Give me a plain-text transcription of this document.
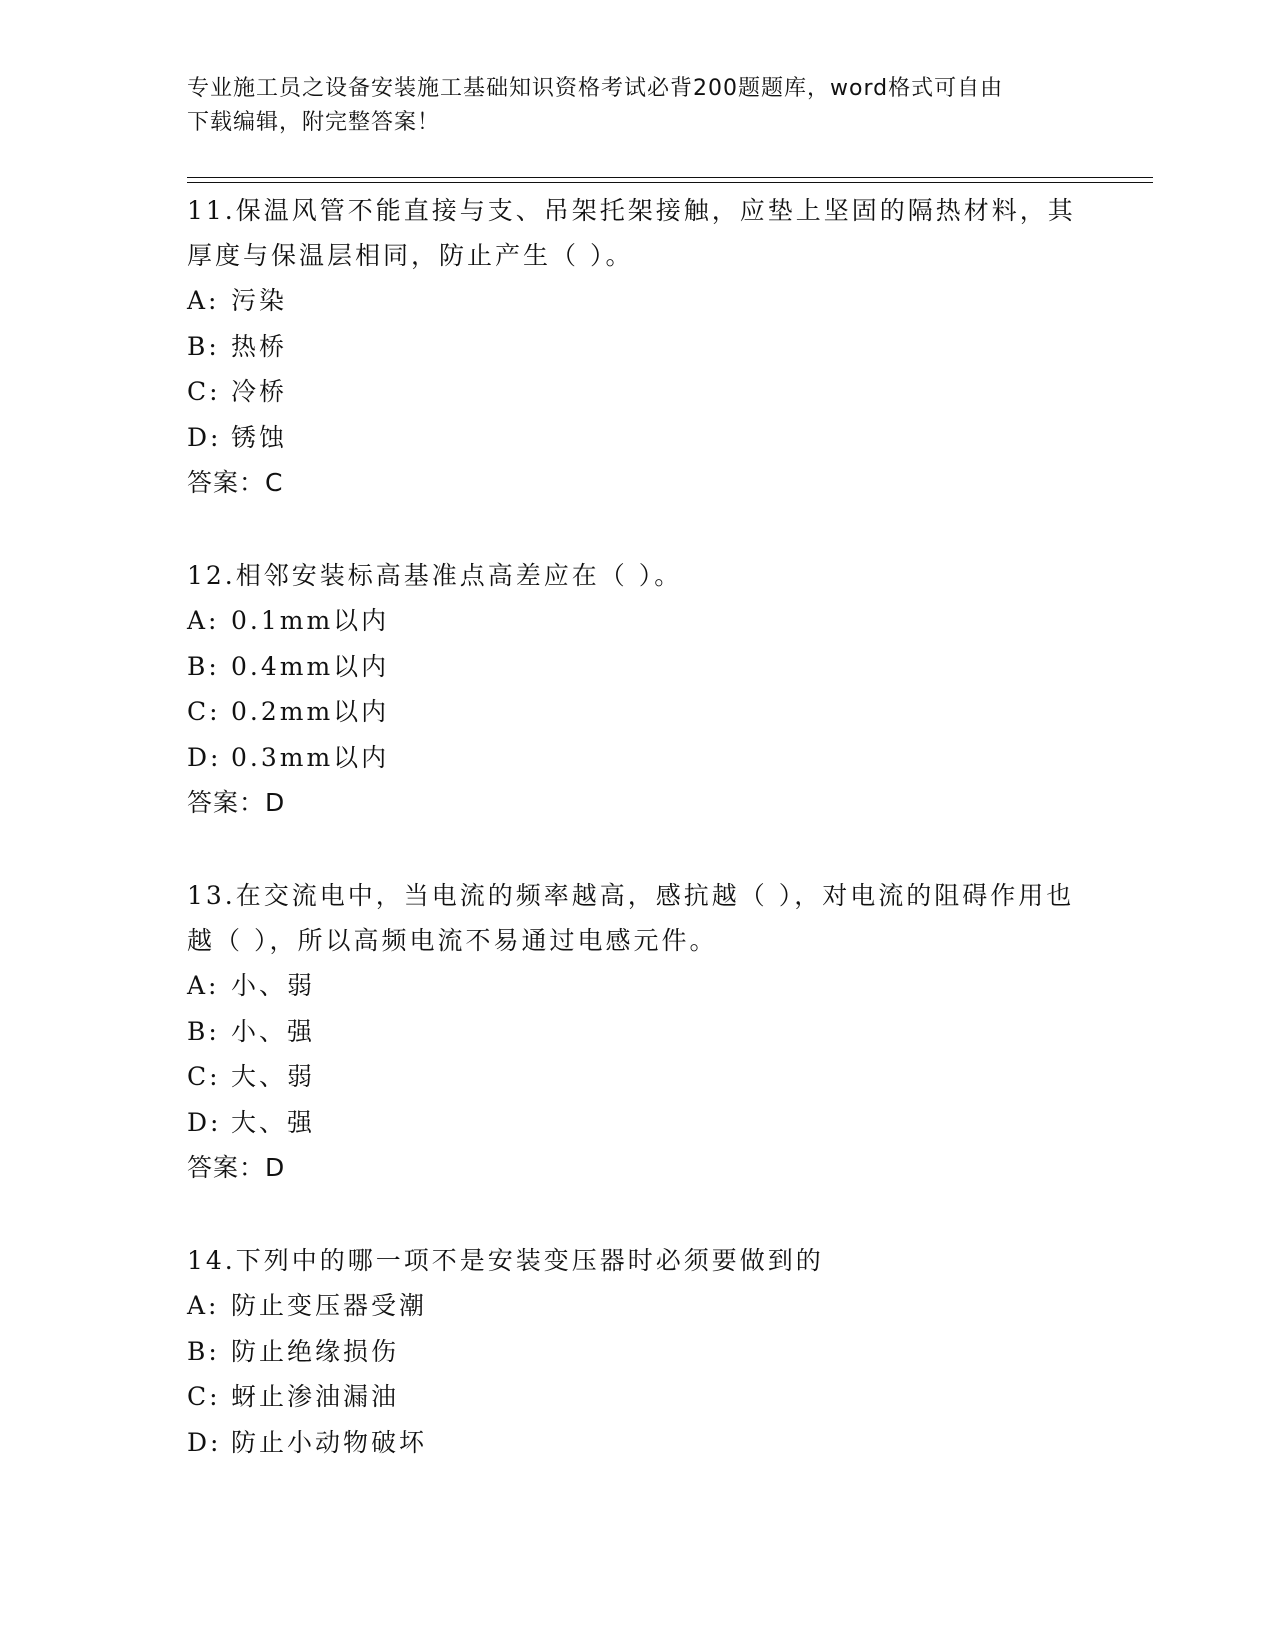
专业施工员之设备安装施工基础知识资格考试必背200题题库，word格式可自由
下载编辑，附完整答案！

11.保温风管不能直接与支、吊架托架接触，应垫上坚固的隔热材料，其厚度与保温层相同，防止产生（ ）。

A: 污染
B: 热桥
C: 冷桥
D: 锈蚀

答案：C

12.相邻安装标高基准点高差应在（ ）。

A: 0.1mm以内
B: 0.4mm以内
C: 0.2mm以内
D: 0.3mm以内

答案：D

13.在交流电中，当电流的频率越高，感抗越（ ），对电流的阻碍作用也越（ ），所以高频电流不易通过电感元件。

A: 小、弱
B: 小、强
C: 大、弱
D: 大、强

答案：D

14.下列中的哪一项不是安装变压器时必须要做到的

A: 防止变压器受潮
B: 防止绝缘损伤
C: 蚜止渗油漏油
D: 防止小动物破坏
